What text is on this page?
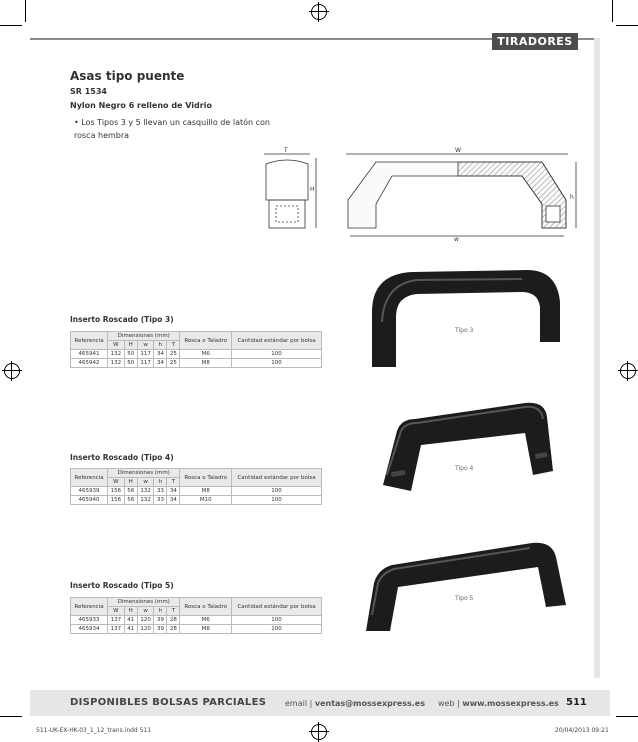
TIRADORES
Asas tipo puente
SR 1534
Nylon Negro 6 relleno de Vidrio
• Los Tipos 3 y 5 llevan un casquillo de latón con rosca hembra
T
H
W
w
h
Inserto Roscado (Tipo 3)
Referencia	Dimensiones (mm)					Rosca o Taladro	Cantidad estándar por bolsa
	W	H	w	h	T		
465941	132	50	117	34	25	M6	100
465942	132	50	117	34	25	M8	100
Tipo 3
Inserto Roscado (Tipo 4)
Referencia	Dimensiones (mm)					Rosca o Taladro	Cantidad estándar por bolsa
	W	H	w	h	T		
465939	156	56	132	33	34	M8	100
465940	156	56	132	33	34	M10	100
Tipo 4
Inserto Roscado (Tipo 5)
Referencia	Dimensiones (mm)					Rosca o Taladro	Cantidad estándar por bolsa
	W	H	w	h	T		
465933	137	41	120	39	28	M6	100
465934	137	41	120	39	28	M8	100
Tipo 5
DISPONIBLES BOLSAS PARCIALES email | ventas@mossexpress.es web | www.mossexpress.es 511
511-UK-EX-HK-03_1_12_trans.indd 511	20/04/2013 09:21
